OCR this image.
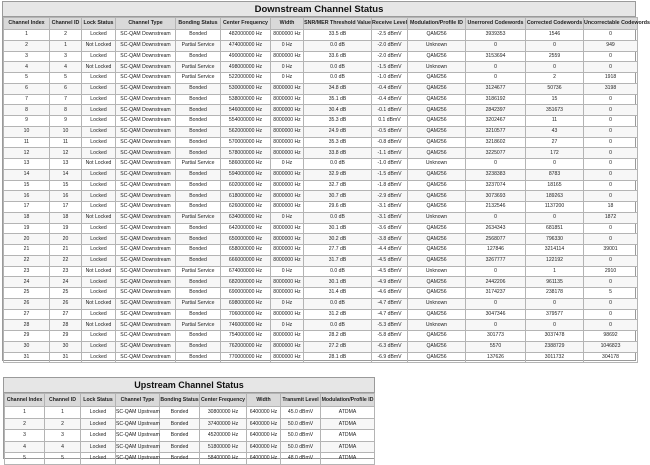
Downstream Channel Status
Channel Index	Channel ID	Lock Status	Channel Type	Bonding Status	Center Frequency	Width	SNR/MER Threshold Value	Receive Level	Modulation/Profile ID	Unerrored Codewords	Corrected Codewords	Uncorrectable Codewords
1	2	Locked	SC-QAM Downstream	Bonded	482000000 Hz	8000000 Hz	33.5 dB	-2.5 dBmV	QAM256	3939353	1546	0
2	1	Not Locked	SC-QAM Downstream	Partial Service	474000000 Hz	0 Hz	0.0 dB	-2.0 dBmV	Unknown	0	0	949
3	3	Locked	SC-QAM Downstream	Bonded	490000000 Hz	8000000 Hz	33.6 dB	-2.0 dBmV	QAM256	3153694	2559	0
4	4	Not Locked	SC-QAM Downstream	Partial Service	498000000 Hz	0 Hz	0.0 dB	-1.5 dBmV	Unknown	0	0	0
5	5	Locked	SC-QAM Downstream	Partial Service	522000000 Hz	0 Hz	0.0 dB	-1.0 dBmV	QAM256	0	2	1918
6	6	Locked	SC-QAM Downstream	Bonded	530000000 Hz	8000000 Hz	34.8 dB	-0.4 dBmV	QAM256	3124677	50736	3198
7	7	Locked	SC-QAM Downstream	Bonded	538000000 Hz	8000000 Hz	35.1 dB	-0.4 dBmV	QAM256	3186192	15	0
8	8	Locked	SC-QAM Downstream	Bonded	546000000 Hz	8000000 Hz	30.4 dB	-0.1 dBmV	QAM256	2842397	351673	0
9	9	Locked	SC-QAM Downstream	Bonded	554000000 Hz	8000000 Hz	35.3 dB	0.1 dBmV	QAM256	3202467	11	0
10	10	Locked	SC-QAM Downstream	Bonded	562000000 Hz	8000000 Hz	24.9 dB	-0.5 dBmV	QAM256	3210577	43	0
11	11	Locked	SC-QAM Downstream	Bonded	570000000 Hz	8000000 Hz	35.3 dB	-0.8 dBmV	QAM256	3218602	27	0
12	12	Locked	SC-QAM Downstream	Bonded	578000000 Hz	8000000 Hz	33.8 dB	-1.1 dBmV	QAM256	3225077	172	0
13	13	Not Locked	SC-QAM Downstream	Partial Service	586000000 Hz	0 Hz	0.0 dB	-1.0 dBmV	Unknown	0	0	0
14	14	Locked	SC-QAM Downstream	Bonded	594000000 Hz	8000000 Hz	32.9 dB	-1.5 dBmV	QAM256	3238383	8783	0
15	15	Locked	SC-QAM Downstream	Bonded	602000000 Hz	8000000 Hz	32.7 dB	-1.8 dBmV	QAM256	3237074	18165	0
16	16	Locked	SC-QAM Downstream	Bonded	618000000 Hz	8000000 Hz	30.7 dB	-2.9 dBmV	QAM256	3073693	189263	0
17	17	Locked	SC-QAM Downstream	Bonded	626000000 Hz	8000000 Hz	29.6 dB	-3.1 dBmV	QAM256	2132546	1137200	18
18	18	Not Locked	SC-QAM Downstream	Partial Service	634000000 Hz	0 Hz	0.0 dB	-3.1 dBmV	Unknown	0	0	1872
19	19	Locked	SC-QAM Downstream	Bonded	642000000 Hz	8000000 Hz	30.1 dB	-3.6 dBmV	QAM256	2634343	681851	0
20	20	Locked	SC-QAM Downstream	Bonded	650000000 Hz	8000000 Hz	30.2 dB	-3.8 dBmV	QAM256	2568077	796330	0
21	21	Locked	SC-QAM Downstream	Bonded	658000000 Hz	8000000 Hz	27.7 dB	-4.4 dBmV	QAM256	127846	3214114	39001
22	22	Locked	SC-QAM Downstream	Bonded	666000000 Hz	8000000 Hz	31.7 dB	-4.5 dBmV	QAM256	3267777	122192	0
23	23	Not Locked	SC-QAM Downstream	Partial Service	674000000 Hz	0 Hz	0.0 dB	-4.5 dBmV	Unknown	0	1	2910
24	24	Locked	SC-QAM Downstream	Bonded	682000000 Hz	8000000 Hz	30.1 dB	-4.9 dBmV	QAM256	2442206	961135	0
25	25	Locked	SC-QAM Downstream	Bonded	690000000 Hz	8000000 Hz	31.4 dB	-4.6 dBmV	QAM256	3174237	238178	5
26	26	Not Locked	SC-QAM Downstream	Partial Service	698000000 Hz	0 Hz	0.0 dB	-4.7 dBmV	Unknown	0	0	0
27	27	Locked	SC-QAM Downstream	Bonded	706000000 Hz	8000000 Hz	31.2 dB	-4.7 dBmV	QAM256	3047346	379577	0
28	28	Not Locked	SC-QAM Downstream	Partial Service	746000000 Hz	0 Hz	0.0 dB	-5.3 dBmV	Unknown	0	0	0
29	29	Locked	SC-QAM Downstream	Bonded	754000000 Hz	8000000 Hz	28.2 dB	-5.8 dBmV	QAM256	301773	3037478	98692
30	30	Locked	SC-QAM Downstream	Bonded	762000000 Hz	8000000 Hz	27.2 dB	-6.3 dBmV	QAM256	5570	2388729	1046823
31	31	Locked	SC-QAM Downstream	Bonded	770000000 Hz	8000000 Hz	28.1 dB	-6.9 dBmV	QAM256	137626	3011732	304178
Upstream Channel Status
Channel Index	Channel ID	Lock Status	Channel Type	Bonding Status	Center Frequency	Width	Transmit Level	Modulation/Profile ID
1	1	Locked	SC-QAM Upstream	Bonded	30800000 Hz	6400000 Hz	45.0 dBmV	ATDMA
2	2	Locked	SC-QAM Upstream	Bonded	37400000 Hz	6400000 Hz	50.0 dBmV	ATDMA
3	3	Locked	SC-QAM Upstream	Bonded	45200000 Hz	6400000 Hz	50.0 dBmV	ATDMA
4	4	Locked	SC-QAM Upstream	Bonded	51800000 Hz	6400000 Hz	50.0 dBmV	ATDMA
5	5	Locked	SC-QAM Upstream	Bonded	58400000 Hz	6400000 Hz	48.0 dBmV	ATDMA
